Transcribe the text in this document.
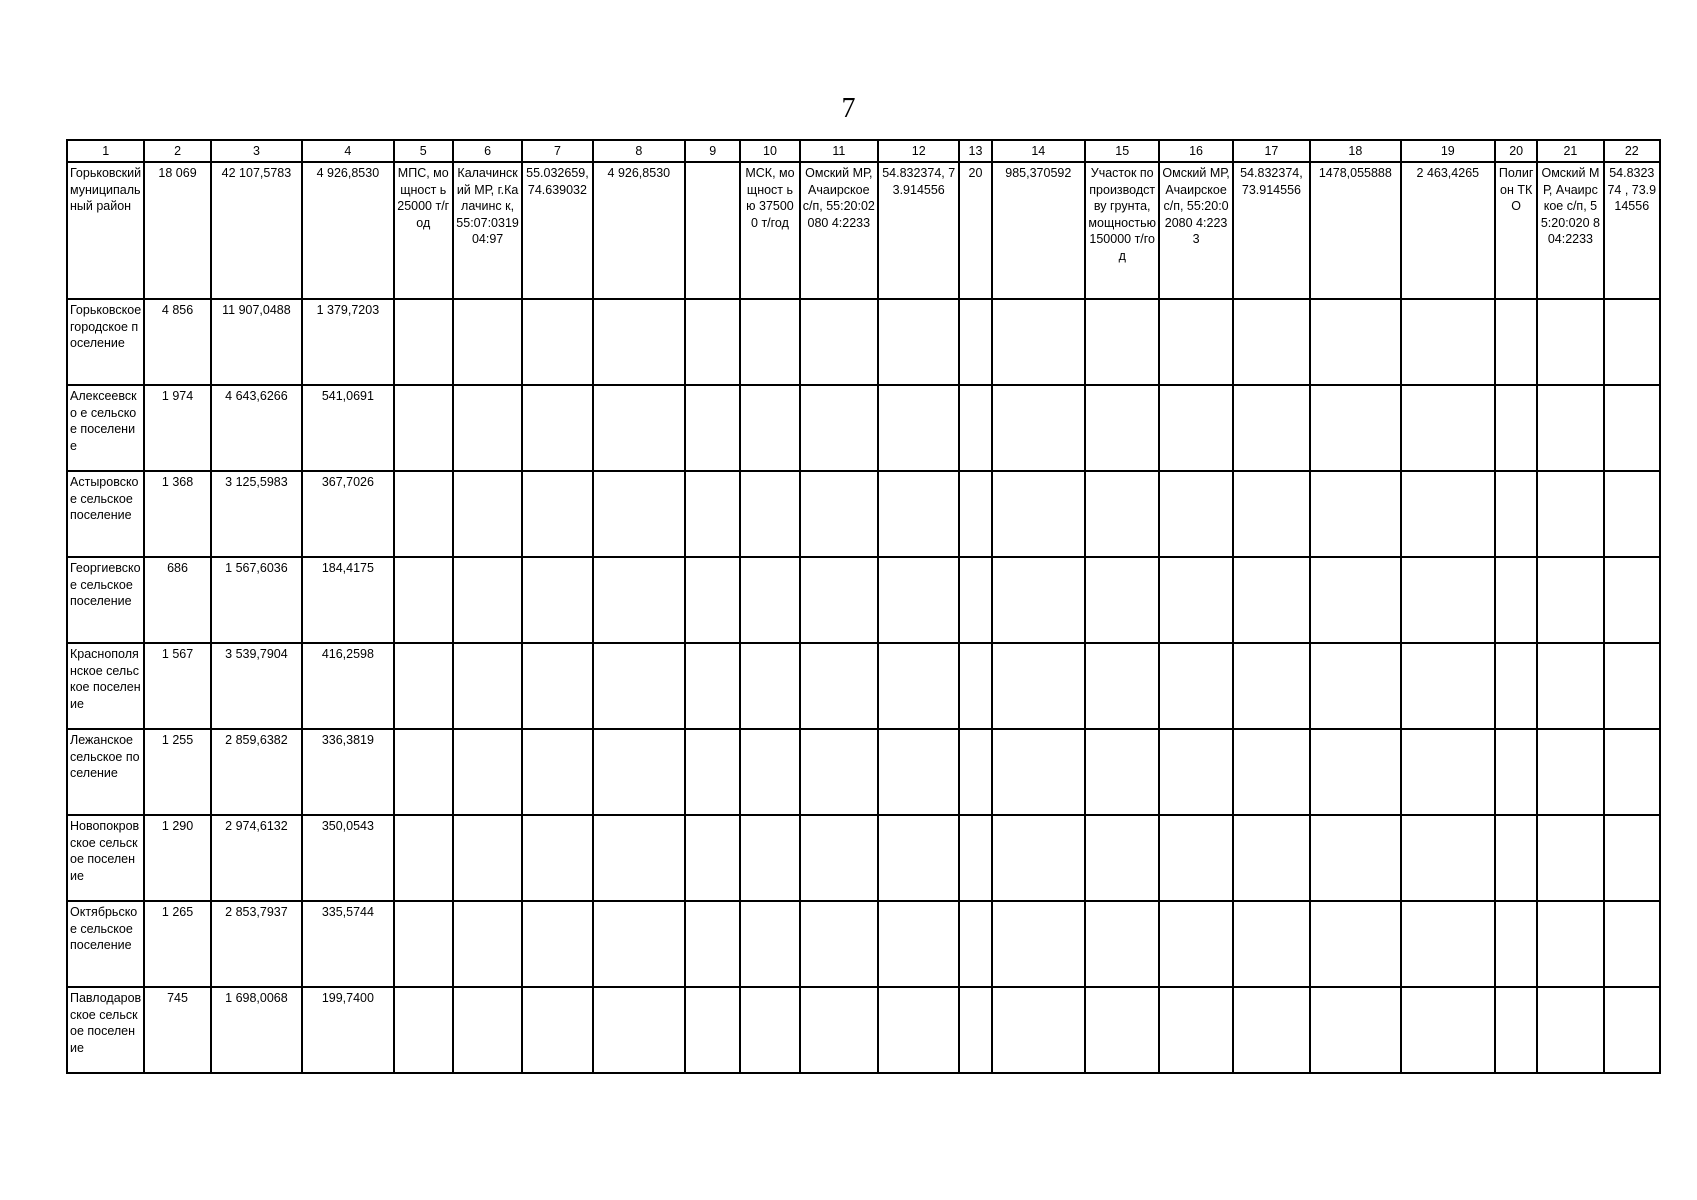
7
1	2	3	4	5	6	7	8	9	10	11	12	13	14	15	16	17	18	19	20	21	22
Горьковский муниципаль ный район	18 069	42 107,5783	4 926,8530	МПС, мощност ь 25000 т/год	Калачинск ий МР, г.Калачинс к, 55:07:0319 04:97	55.032659, 74.639032	4 926,8530		МСК, мощност ью 375000 т/год	Омский МР, Ачаирское с/п, 55:20:02080 4:2233	54.832374, 73.914556	20	985,370592	Участок по производст ву грунта, мощностью 150000 т/год	Омский МР, Ачаирское с/п, 55:20:02080 4:2233	54.832374, 73.914556	1478,055888	2 463,4265	Полиг он ТКО	Омский МР, Ачаирское с/п, 55:20:020 804:2233	54.832374 , 73.914556
Горьковское городское поселение	4 856	11 907,0488	1 379,7203																		
Алексеевско е сельское поселение	1 974	4 643,6266	541,0691																		
Астыровско е сельское поселение	1 368	3 125,5983	367,7026																		
Георгиевско е сельское поселение	686	1 567,6036	184,4175																		
Краснополя нское сельское поселение	1 567	3 539,7904	416,2598																		
Лежанское сельское поселение	1 255	2 859,6382	336,3819																		
Новопокров ское сельское поселение	1 290	2 974,6132	350,0543																		
Октябрьско е сельское поселение	1 265	2 853,7937	335,5744																		
Павлодаров ское сельское поселение	745	1 698,0068	199,7400																		
